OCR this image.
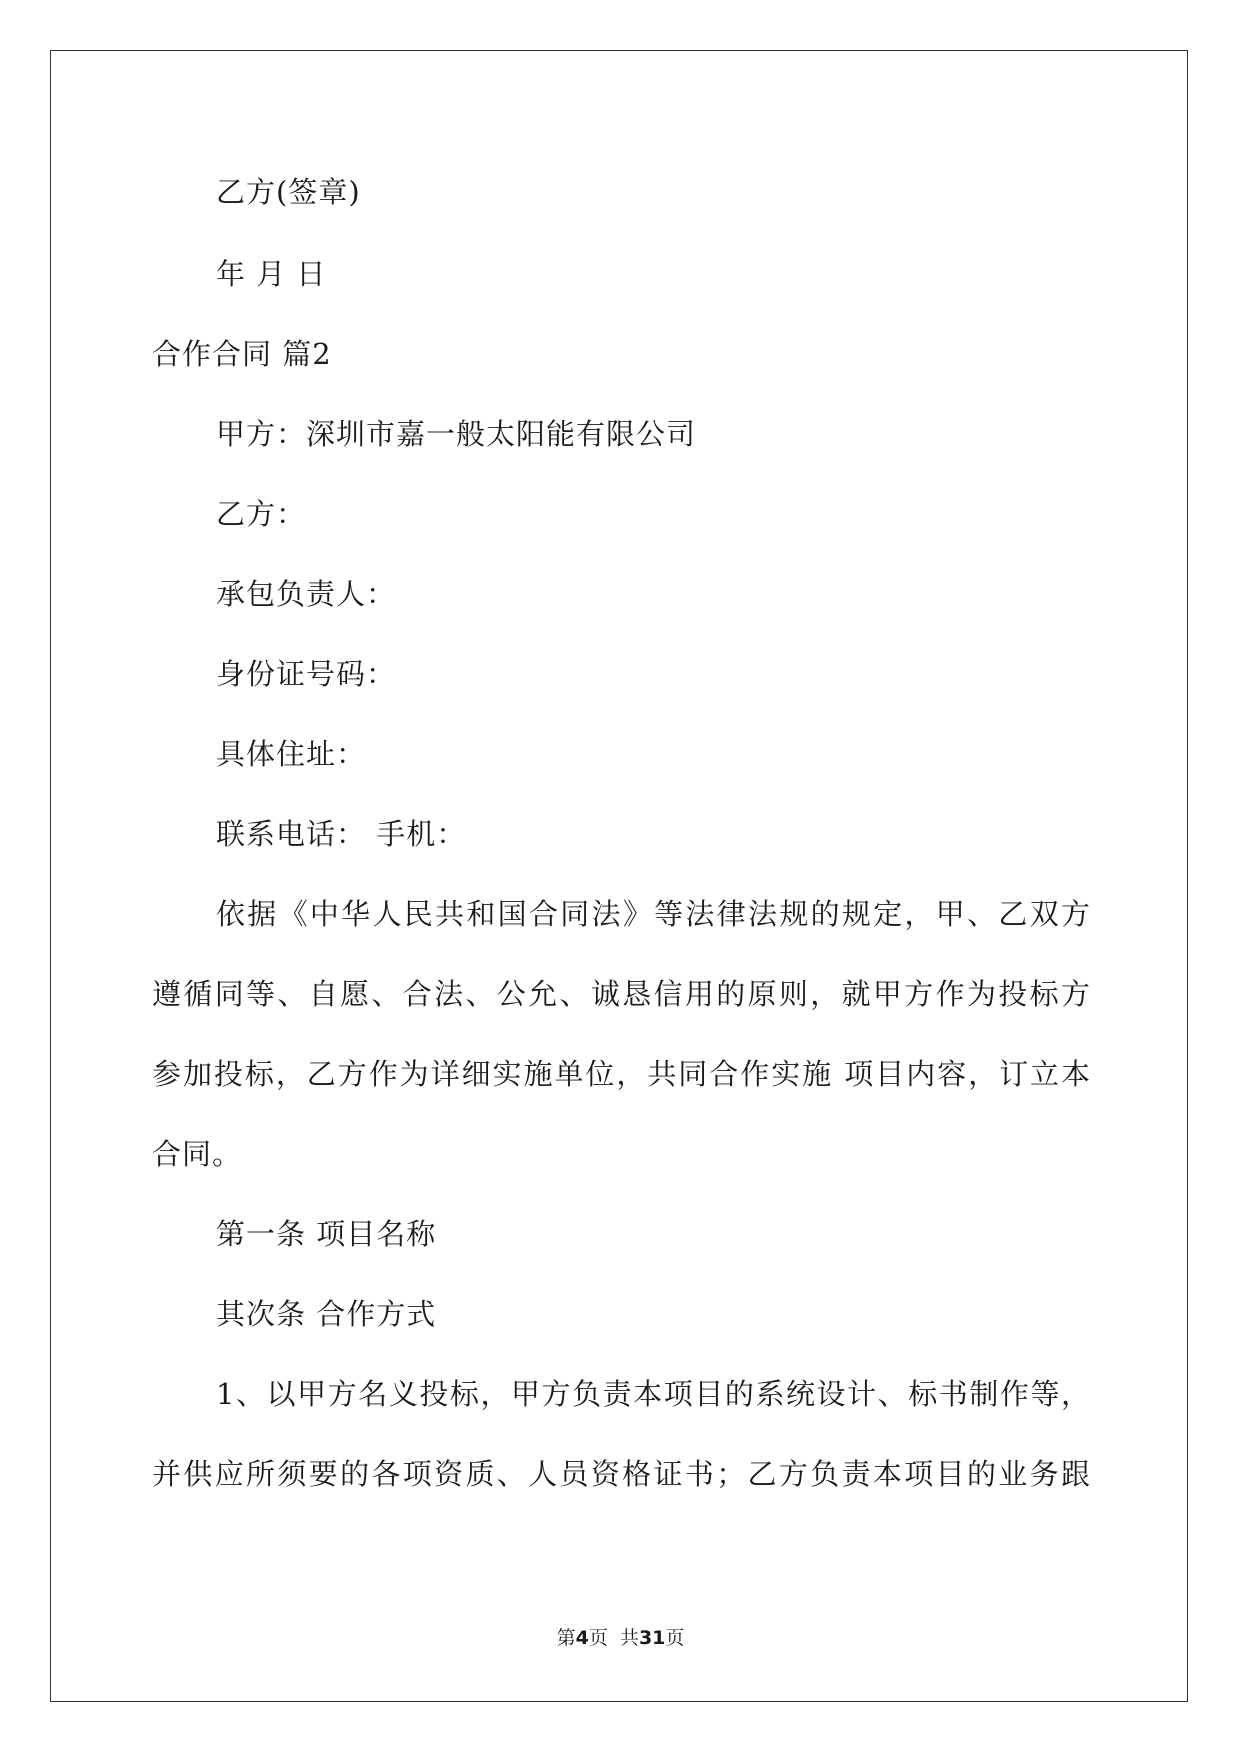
乙方(签章)
年 月 日
合作合同 篇2
甲方：深圳市嘉一般太阳能有限公司
乙方：
承包负责人：
身份证号码：
具体住址：
联系电话： 手机：
依据《中华人民共和国合同法》等法律法规的规定，甲、乙双方
遵循同等、自愿、合法、公允、诚恳信用的原则，就甲方作为投标方
参加投标，乙方作为详细实施单位，共同合作实施 项目内容，订立本
合同。
第一条 项目名称
其次条 合作方式
1、以甲方名义投标，甲方负责本项目的系统设计、标书制作等，
并供应所须要的各项资质、人员资格证书；乙方负责本项目的业务跟
第4页  共31页
